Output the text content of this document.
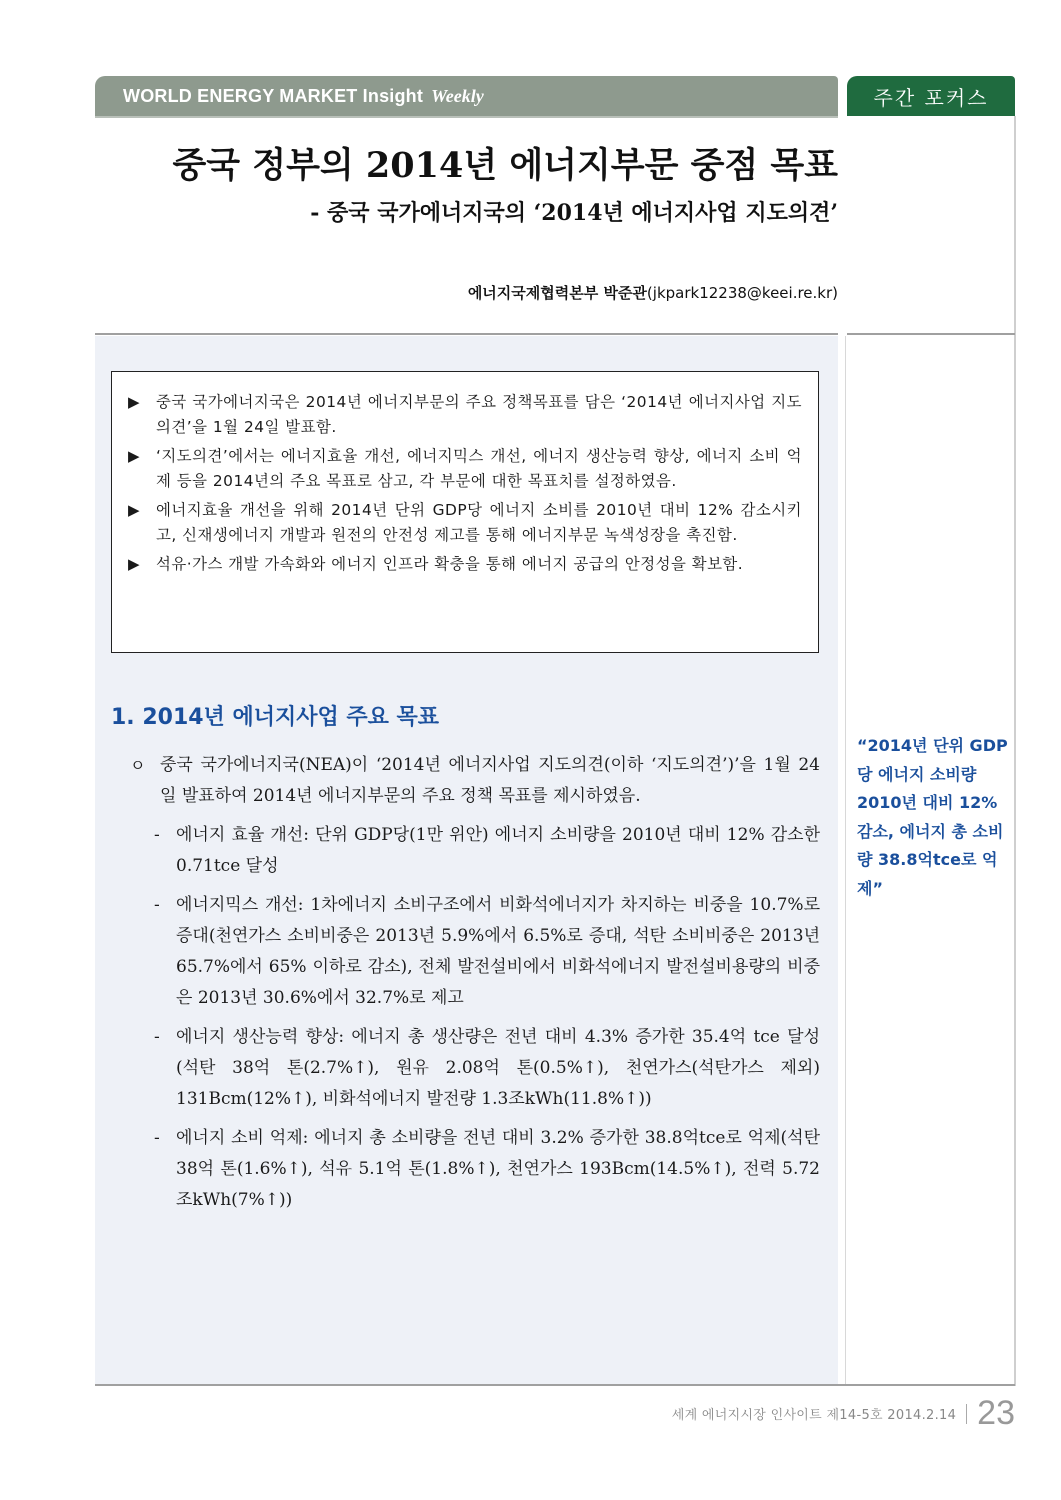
WORLD ENERGY MARKET Insight Weekly	주간 포커스
중국 정부의 2014년 에너지부문 중점 목표
- 중국 국가에너지국의 ‘2014년 에너지사업 지도의견’
에너지국제협력본부 박준관(jkpark12238@keei.re.kr)
▶	중국 국가에너지국은 2014년 에너지부문의 주요 정책목표를 담은 ‘2014년 에너지사업 지도의견’을 1월 24일 발표함.
▶	‘지도의견’에서는 에너지효율 개선, 에너지믹스 개선, 에너지 생산능력 향상, 에너지 소비 억제 등을 2014년의 주요 목표로 삼고, 각 부문에 대한 목표치를 설정하였음.
▶	에너지효율 개선을 위해 2014년 단위 GDP당 에너지 소비를 2010년 대비 12% 감소시키고, 신재생에너지 개발과 원전의 안전성 제고를 통해 에너지부문 녹색성장을 촉진함.
▶	석유·가스 개발 가속화와 에너지 인프라 확충을 통해 에너지 공급의 안정성을 확보함.
1. 2014년 에너지사업 주요 목표
ㅇ 중국 국가에너지국(NEA)이 ‘2014년 에너지사업 지도의견(이하 ‘지도의견’)’을 1월 24일 발표하여 2014년 에너지부문의 주요 정책 목표를 제시하였음.
- 에너지 효율 개선: 단위 GDP당(1만 위안) 에너지 소비량을 2010년 대비 12% 감소한 0.71tce 달성
- 에너지믹스 개선: 1차에너지 소비구조에서 비화석에너지가 차지하는 비중을 10.7%로 증대(천연가스 소비비중은 2013년 5.9%에서 6.5%로 증대, 석탄 소비비중은 2013년 65.7%에서 65% 이하로 감소), 전체 발전설비에서 비화석에너지 발전설비용량의 비중은 2013년 30.6%에서 32.7%로 제고
- 에너지 생산능력 향상: 에너지 총 생산량은 전년 대비 4.3% 증가한 35.4억 tce 달성(석탄 38억 톤(2.7%↑), 원유 2.08억 톤(0.5%↑), 천연가스(석탄가스 제외) 131Bcm(12%↑), 비화석에너지 발전량 1.3조kWh(11.8%↑))
- 에너지 소비 억제: 에너지 총 소비량을 전년 대비 3.2% 증가한 38.8억tce로 억제(석탄 38억 톤(1.6%↑), 석유 5.1억 톤(1.8%↑), 천연가스 193Bcm(14.5%↑), 전력 5.72조kWh(7%↑))
“2014년 단위 GDP당 에너지 소비량 2010년 대비 12% 감소, 에너지 총 소비량 38.8억tce로 억제”
세계 에너지시장 인사이트 제14-5호 2014.2.14 23
